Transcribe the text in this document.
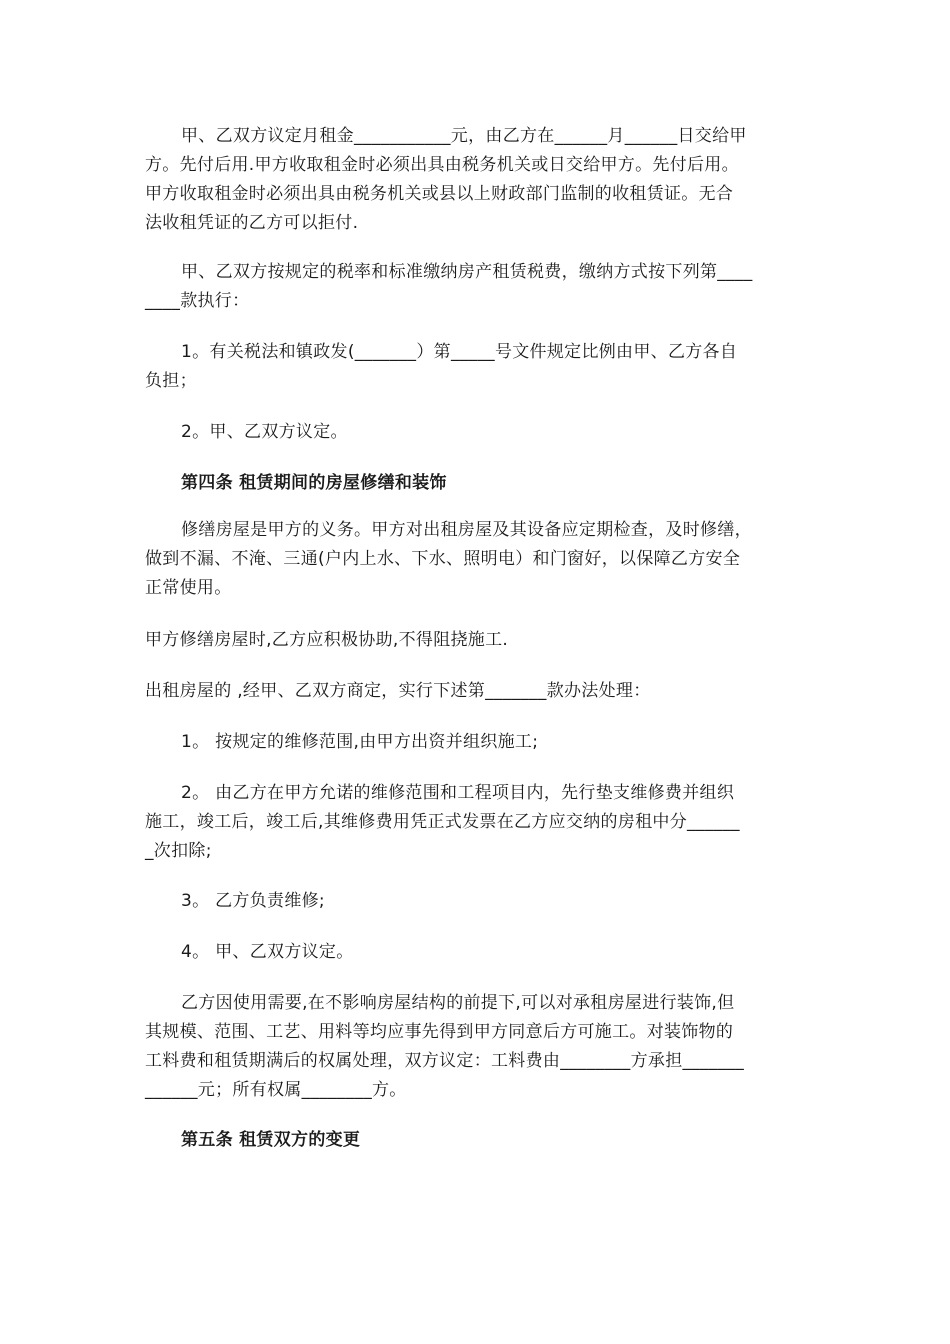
甲、乙双方议定月租金___________元，由乙方在______月______日交给甲
方。先付后用.甲方收取租金时必须出具由税务机关或日交给甲方。先付后用。
甲方收取租金时必须出具由税务机关或县以上财政部门监制的收租赁证。无合
法收租凭证的乙方可以拒付.
甲、乙双方按规定的税率和标准缴纳房产租赁税费，缴纳方式按下列第____
____款执行：
1。有关税法和镇政发(_______）第_____号文件规定比例由甲、乙方各自
负担；
2。甲、乙双方议定。
第四条 租赁期间的房屋修缮和装饰
修缮房屋是甲方的义务。甲方对出租房屋及其设备应定期检查，及时修缮，
做到不漏、不淹、三通(户内上水、下水、照明电）和门窗好，以保障乙方安全
正常使用。
甲方修缮房屋时,乙方应积极协助,不得阻挠施工.
出租房屋的 ,经甲、乙双方商定，实行下述第_______款办法处理：
1。 按规定的维修范围,由甲方出资并组织施工;
2。 由乙方在甲方允诺的维修范围和工程项目内，先行垫支维修费并组织
施工，竣工后，竣工后,其维修费用凭正式发票在乙方应交纳的房租中分______
_次扣除;
3。 乙方负责维修;
4。 甲、乙双方议定。
乙方因使用需要,在不影响房屋结构的前提下,可以对承租房屋进行装饰,但
其规模、范围、工艺、用料等均应事先得到甲方同意后方可施工。对装饰物的
工料费和租赁期满后的权属处理，双方议定：工料费由________方承担_______
______元；所有权属________方。
第五条 租赁双方的变更
